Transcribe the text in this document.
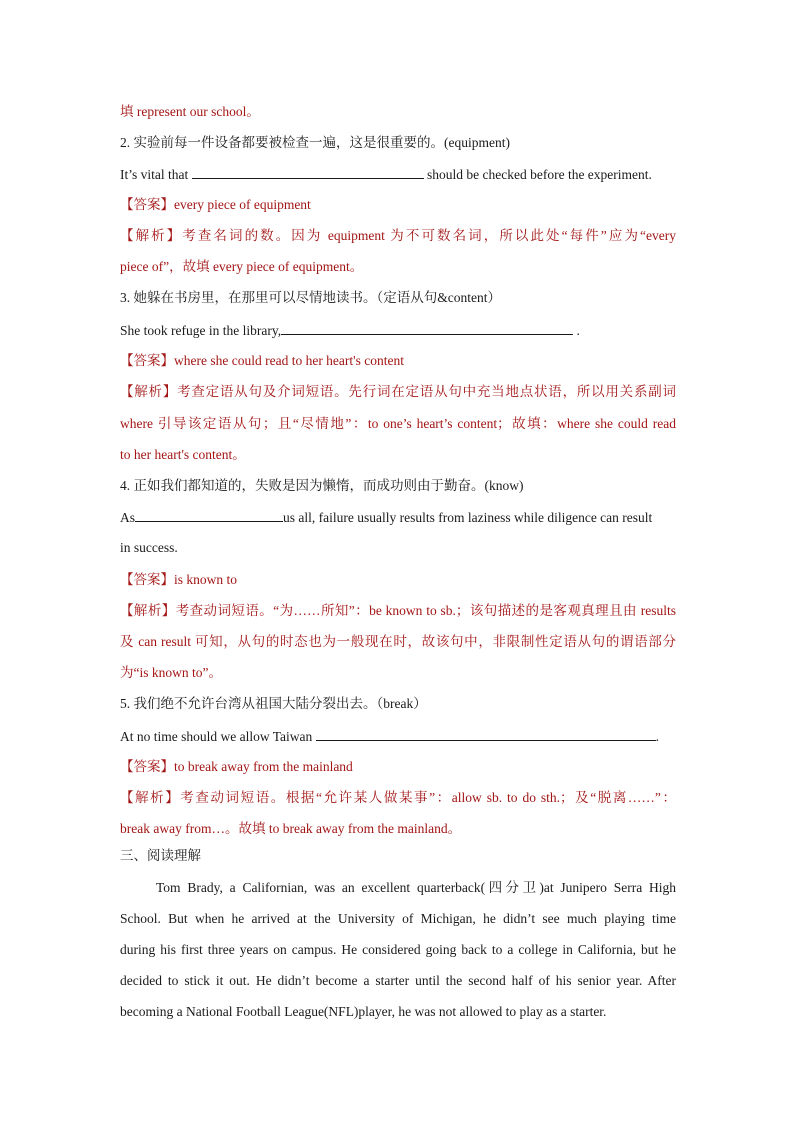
填 represent our school。
2. 实验前每一件设备都要被检查一遍，这是很重要的。(equipment)
It’s vital that	should be checked before the experiment.
【答案】every piece of equipment
【解析】考查名词的数。因为 equipment 为不可数名词，所以此处“每件”应为“every
piece of”，故填 every piece of equipment。
3. 她躲在书房里，在那里可以尽情地读书。（定语从句&content）
She took refuge in the library,	.
【答案】where she could read to her heart's content
【解析】考查定语从句及介词短语。先行词在定语从句中充当地点状语，所以用关系副词
where 引导该定语从句；且“尽情地”：to one’s heart’s content；故填：where she could read
to her heart's content。
4. 正如我们都知道的，失败是因为懒惰，而成功则由于勤奋。(know)
As	us all, failure usually results from laziness while diligence can result
in success.
【答案】is known to
【解析】考查动词短语。“为……所知”：be known to sb.；该句描述的是客观真理且由 results
及 can result 可知，从句的时态也为一般现在时，故该句中，非限制性定语从句的谓语部分
为“is known to”。
5. 我们绝不允许台湾从祖国大陆分裂出去。（break）
At no time should we allow Taiwan	.
【答案】to break away from the mainland
【解析】考查动词短语。根据“允许某人做某事”：allow sb. to do sth.；及“脱离……”：
break away from…。故填 to break away from the mainland。
三、阅读理解
Tom Brady, a Californian, was an excellent quarterback(四分卫)at Junipero Serra High
School. But when he arrived at the University of Michigan, he didn’t see much playing time
during his first three years on campus. He considered going back to a college in California, but he
decided to stick it out. He didn’t become a starter until the second half of his senior year. After
becoming a National Football League(NFL)player, he was not allowed to play as a starter.
